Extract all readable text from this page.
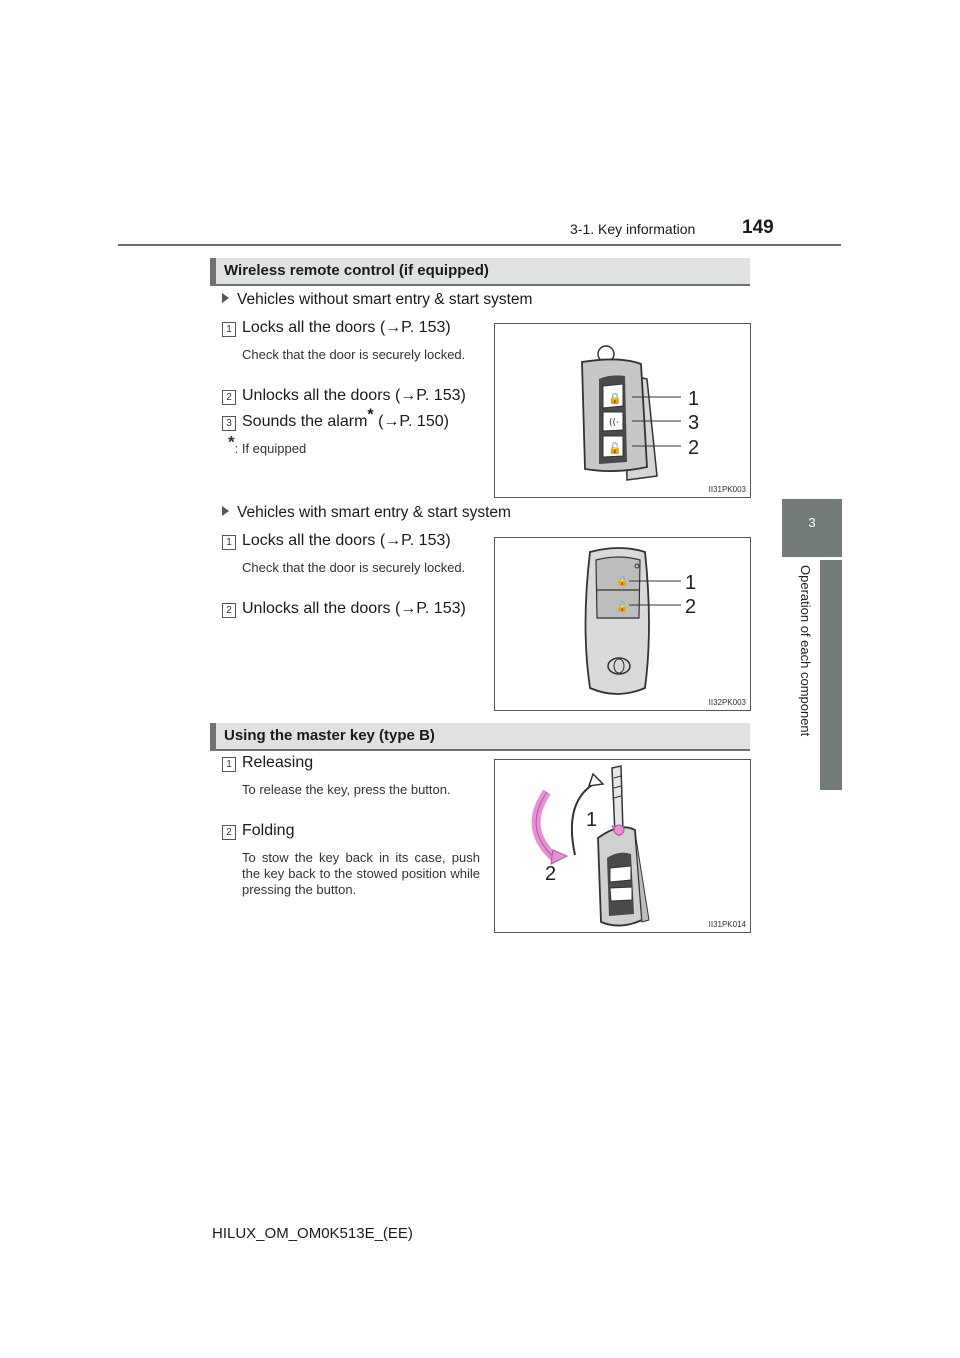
3-1. Key information 149
3
Operation of each component
Wireless remote control (if equipped)
Vehicles without smart entry & start system
1 Locks all the doors (→P. 153)
Check that the door is securely locked.
2 Unlocks all the doors (→P. 153)
3 Sounds the alarm* (→P. 150)
*: If equipped
🔒
((·
🔓
1
3
2
II31PK003
Vehicles with smart entry & start system
1 Locks all the doors (→P. 153)
Check that the door is securely locked.
2 Unlocks all the doors (→P. 153)
🔒
🔓
1
2
II32PK003
Using the master key (type B)
1 Releasing
To release the key, press the button.
2 Folding
To stow the key back in its case, push the key back to the stowed position while pressing the button.
1
2
II31PK014
HILUX_OM_OM0K513E_(EE)
